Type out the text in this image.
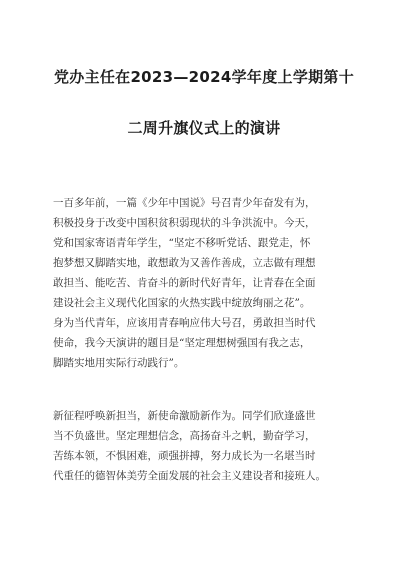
党办主任在2023—2024学年度上学期第十
二周升旗仪式上的演讲
一百多年前，一篇《少年中国说》号召青少年奋发有为，
积极投身于改变中国积贫积弱现状的斗争洪流中。今天，
党和国家寄语青年学生，“坚定不移听党话、跟党走，怀
抱梦想又脚踏实地，敢想敢为又善作善成，立志做有理想
敢担当、能吃苦、肯奋斗的新时代好青年，让青春在全面
建设社会主义现代化国家的火热实践中绽放绚丽之花”。
身为当代青年，应该用青春响应伟大号召，勇敢担当时代
使命，我今天演讲的题目是“坚定理想树强国有我之志，
脚踏实地用实际行动践行”。
新征程呼唤新担当，新使命激励新作为。同学们欣逢盛世
当不负盛世。坚定理想信念，高扬奋斗之帆，勤奋学习，
苦练本领，不惧困难，顽强拼搏，努力成长为一名堪当时
代重任的德智体美劳全面发展的社会主义建设者和接班人。
